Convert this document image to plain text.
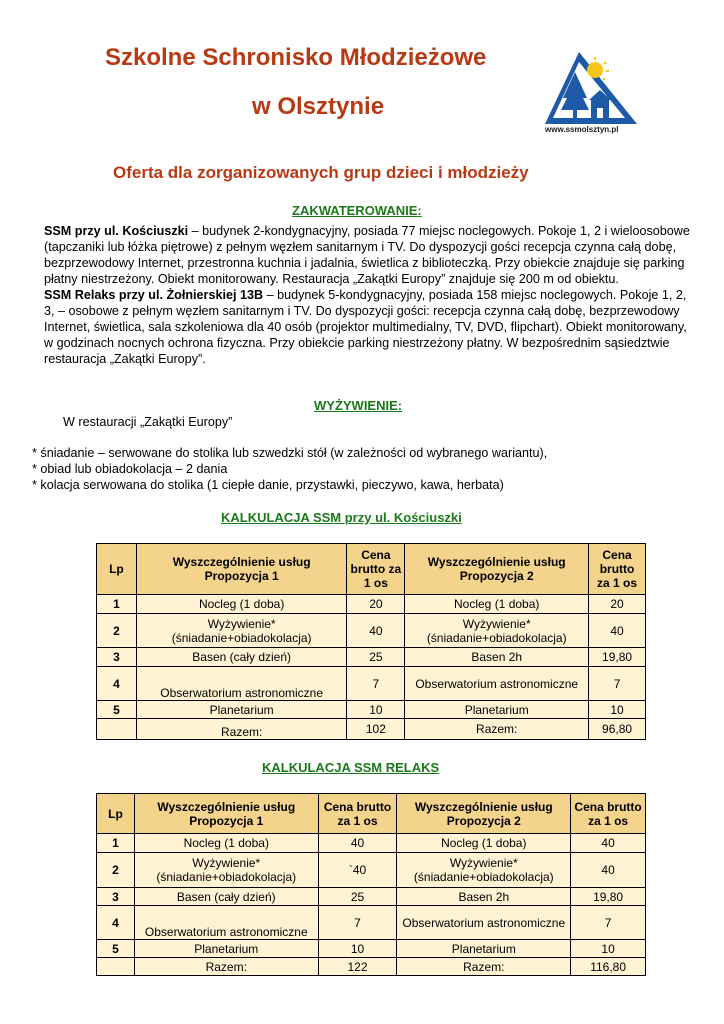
Szkolne Schronisko Młodzieżowe
w Olsztynie
www.ssmolsztyn.pl
Oferta dla zorganizowanych grup dzieci i młodzieży
ZAKWATEROWANIE:

SSM przy ul. Kościuszki – budynek 2-kondygnacyjny, posiada 77 miejsc noclegowych. Pokoje 1, 2 i wieloosobowe (tapczaniki lub łóżka piętrowe) z pełnym węzłem sanitarnym i TV. Do dyspozycji gości recepcja czynna całą dobę, bezprzewodowy Internet, przestronna kuchnia i jadalnia, świetlica z biblioteczką. Przy obiekcie znajduje się parking płatny niestrzeżony. Obiekt monitorowany. Restauracja „Zakątki Europy” znajduje się 200 m od obiektu.

SSM Relaks przy ul. Żołnierskiej 13B – budynek 5-kondygnacyjny, posiada 158 miejsc noclegowych. Pokoje 1, 2, 3, – osobowe z pełnym węzłem sanitarnym i TV. Do dyspozycji gości: recepcja czynna całą dobę, bezprzewodowy Internet, świetlica, sala szkoleniowa dla 40 osób (projektor multimedialny, TV, DVD, flipchart). Obiekt monitorowany, w godzinach nocnych ochrona fizyczna. Przy obiekcie parking niestrzeżony płatny. W bezpośrednim sąsiedztwie restauracja „Zakątki Europy”.

WYŻYWIENIE:
W restauracji „Zakątki Europy”
* śniadanie – serwowane do stolika lub szwedzki stół (w zależności od wybranego wariantu),
* obiad lub obiadokolacja – 2 dania
* kolacja serwowana do stolika (1 ciepłe danie, przystawki, pieczywo, kawa, herbata)
KALKULACJA SSM przy ul. Kościuszki
Lp	Wyszczególnienie usług Propozycja 1	Cena brutto za 1 os	Wyszczególnienie usług Propozycja 2	Cena brutto za 1 os
1	Nocleg (1 doba)	20	Nocleg (1 doba)	20
2	Wyżywienie* (śniadanie+obiadokolacja)	40	Wyżywienie* (śniadanie+obiadokolacja)	40
3	Basen (cały dzień)	25	Basen 2h	19,80
4	Obserwatorium astronomiczne	7	Obserwatorium astronomiczne	7
5	Planetarium	10	Planetarium	10
	Razem:	102	Razem:	96,80
KALKULACJA SSM RELAKS
Lp	Wyszczególnienie usług Propozycja 1	Cena brutto za 1 os	Wyszczególnienie usług Propozycja 2	Cena brutto za 1 os
1	Nocleg (1 doba)	40	Nocleg (1 doba)	40
2	Wyżywienie* (śniadanie+obiadokolacja)	`40	Wyżywienie* (śniadanie+obiadokolacja)	40
3	Basen (cały dzień)	25	Basen 2h	19,80
4	Obserwatorium astronomiczne	7	Obserwatorium astronomiczne	7
5	Planetarium	10	Planetarium	10
	Razem:	122	Razem:	116,80
